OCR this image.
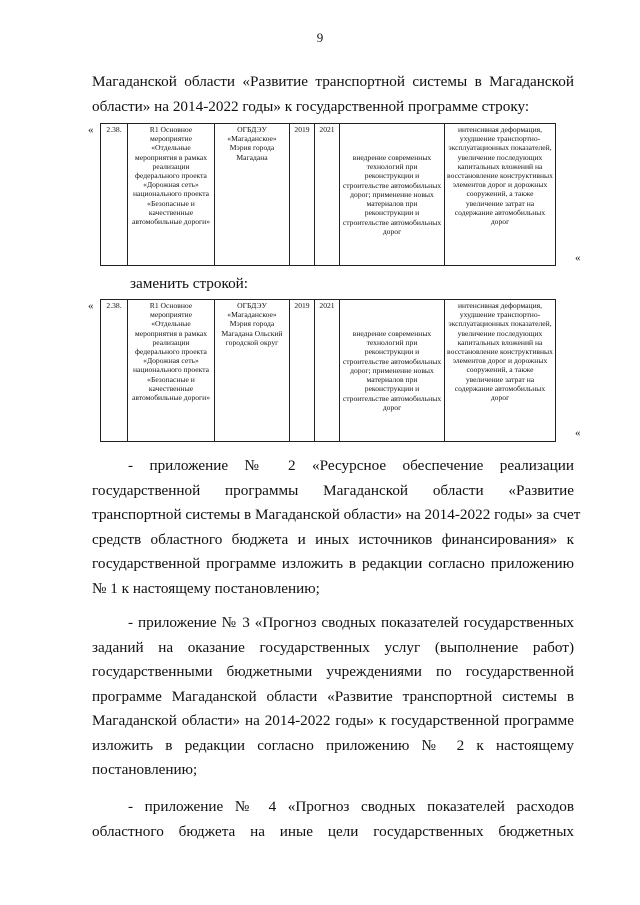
9
Магаданской области «Развитие транспортной системы в Магаданской
области» на 2014-2022 годы» к государственной программе строку:
« 2.38.	R1 Основное мероприятие «Отдельные мероприятия в рамках реализации федерального проекта «Дорожная сеть» национального проекта «Безопасные и качественные автомобильные дороги»	ОГБДЭУ «Магаданское» Мэрия города Магадана	2019	2021	внедрение современных технологий при реконструкции и строительстве автомобильных дорог; применение новых материалов при реконструкции и строительстве автомобильных дорог	интенсивная деформация, ухудшение транспортно-эксплуатационных показателей, увеличение последующих капитальных вложений на восстановление конструктивных элементов дорог и дорожных сооружений, а также увеличение затрат на содержание автомобильных дорог
«
заменить строкой:
« 2.38.	R1 Основное мероприятие «Отдельные мероприятия в рамках реализации федерального проекта «Дорожная сеть» национального проекта «Безопасные и качественные автомобильные дороги»	ОГБДЭУ «Магаданское» Мэрия города Магадана Ольский городской округ	2019	2021	внедрение современных технологий при реконструкции и строительстве автомобильных дорог; применение новых материалов при реконструкции и строительстве автомобильных дорог	интенсивная деформация, ухудшение транспортно-эксплуатационных показателей, увеличение последующих капитальных вложений на восстановление конструктивных элементов дорог и дорожных сооружений, а также увеличение затрат на содержание автомобильных дорог
«
- приложение № 2 «Ресурсное обеспечение реализации
государственной программы Магаданской области «Развитие
транспортной системы в Магаданской области» на 2014-2022 годы» за счет
средств областного бюджета и иных источников финансирования» к
государственной программе изложить в редакции согласно приложению
№ 1 к настоящему постановлению;
- приложение № 3 «Прогноз сводных показателей государственных
заданий на оказание государственных услуг (выполнение работ)
государственными бюджетными учреждениями по государственной
программе Магаданской области «Развитие транспортной системы в
Магаданской области» на 2014-2022 годы» к государственной программе
изложить в редакции согласно приложению № 2 к настоящему
постановлению;
- приложение № 4 «Прогноз сводных показателей расходов
областного бюджета на иные цели государственных бюджетных
